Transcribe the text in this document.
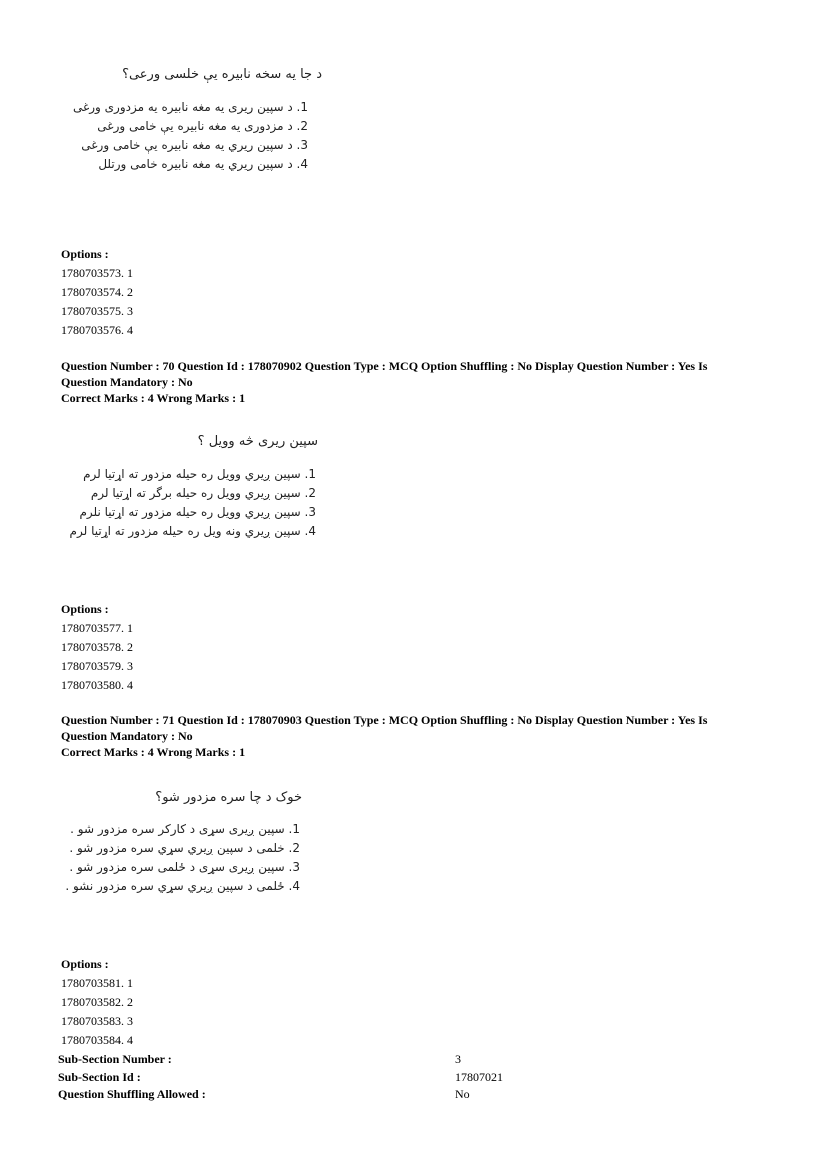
د جا یه سخه نابیره یې خلسی ورعی؟
1. د سپین ریری یه مغه نابیره یه مزدوری ورغی
2. د مزدوری یه مغه نابیره یې خامی ورغی
3. د سپین ریري یه مغه نابیره یې خامی ورغی
4. د سپین ریري یه مغه نابیره خامی ورتلل
Options :
1780703573. 1
1780703574. 2
1780703575. 3
1780703576. 4
Question Number : 70 Question Id : 178070902 Question Type : MCQ Option Shuffling : No Display Question Number : Yes Is
Question Mandatory : No
Correct Marks : 4 Wrong Marks : 1
سپین ریری څه وویل ؟
1. سپين ږيري وويل ره حيله مزدور ته اړتيا لرم
2. سپين ږيري وويل ره حيله برگر ته اړتيا لرم
3. سپين ږيري وويل ره حيله مزدور ته اړتيا نلرم
4. سپين ږيري ونه ويل ره حيله مزدور ته اړتيا لرم
Options :
1780703577. 1
1780703578. 2
1780703579. 3
1780703580. 4
Question Number : 71 Question Id : 178070903 Question Type : MCQ Option Shuffling : No Display Question Number : Yes Is
Question Mandatory : No
Correct Marks : 4 Wrong Marks : 1
خوک د چا سره مزدور شو؟
1. سپين ږيری سړی د کارکر سره مزدور شو .
2. خلمی د سپين ږيري سړي سره مزدور شو .
3. سپين ږيری سړی د ځلمی سره مزدور شو .
4. ځلمی د سپين ږيري سړي سره مزدور نشو .
Options :
1780703581. 1
1780703582. 2
1780703583. 3
1780703584. 4
Sub-Section Number :	3
Sub-Section Id :	17807021
Question Shuffling Allowed :	No
